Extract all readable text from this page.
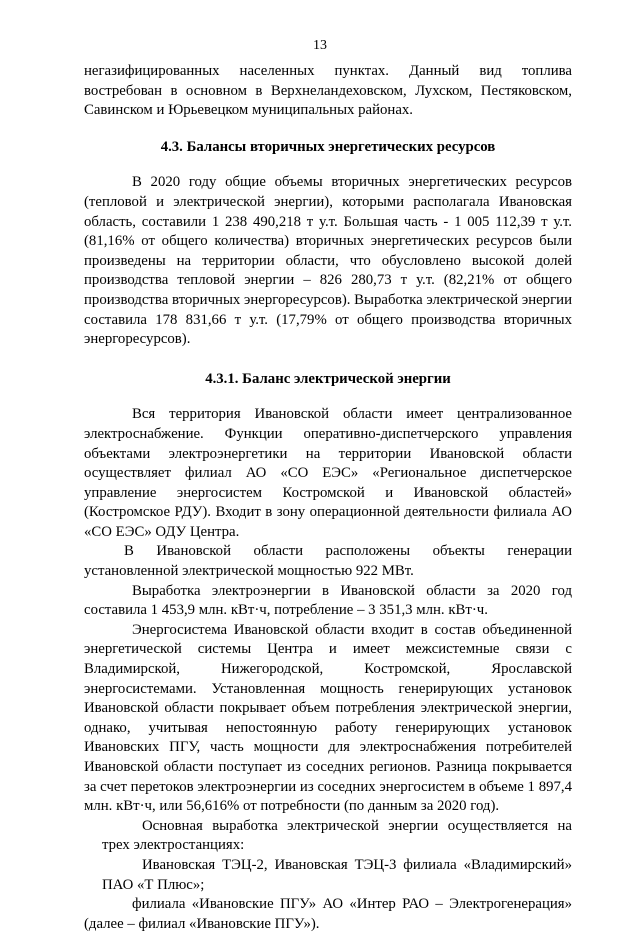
13

негазифицированных населенных пунктах. Данный вид топлива востребован в основном в Верхнеландеховском, Лухском, Пестяковском, Савинском и Юрьевецком муниципальных районах.

4.3. Балансы вторичных энергетических ресурсов

В 2020 году общие объемы вторичных энергетических ресурсов (тепловой и электрической энергии), которыми располагала Ивановская область, составили 1 238 490,218 т у.т. Большая часть - 1 005 112,39 т у.т. (81,16% от общего количества) вторичных энергетических ресурсов были произведены на территории области, что обусловлено высокой долей производства тепловой энергии – 826 280,73 т у.т. (82,21% от общего производства вторичных энергоресурсов). Выработка электрической энергии составила 178 831,66 т у.т. (17,79% от общего производства вторичных энергоресурсов).

4.3.1. Баланс электрической энергии

Вся территория Ивановской области имеет централизованное электроснабжение. Функции оперативно-диспетчерского управления объектами электроэнергетики на территории Ивановской области осуществляет филиал АО «СО ЕЭС» «Региональное диспетчерское управление энергосистем Костромской и Ивановской областей» (Костромское РДУ). Входит в зону операционной деятельности филиала АО «СО ЕЭС» ОДУ Центра.

В Ивановской области расположены объекты генерации установленной электрической мощностью 922 МВт.

Выработка электроэнергии в Ивановской области за 2020 год составила 1 453,9 млн. кВт·ч, потребление – 3 351,3 млн. кВт·ч.

Энергосистема Ивановской области входит в состав объединенной энергетической системы Центра и имеет межсистемные связи с Владимирской, Нижегородской, Костромской, Ярославской энергосистемами. Установленная мощность генерирующих установок Ивановской области покрывает объем потребления электрической энергии, однако, учитывая непостоянную работу генерирующих установок Ивановских ПГУ, часть мощности для электроснабжения потребителей Ивановской области поступает из соседних регионов. Разница покрывается за счет перетоков электроэнергии из соседних энергосистем в объеме 1 897,4 млн. кВт·ч, или 56,616% от потребности (по данным за 2020 год).

Основная выработка электрической энергии осуществляется на трех электростанциях:

Ивановская ТЭЦ-2, Ивановская ТЭЦ-3 филиала «Владимирский» ПАО «Т Плюс»;

филиала «Ивановские ПГУ» АО «Интер РАО – Электрогенерация» (далее – филиал «Ивановские ПГУ»).
